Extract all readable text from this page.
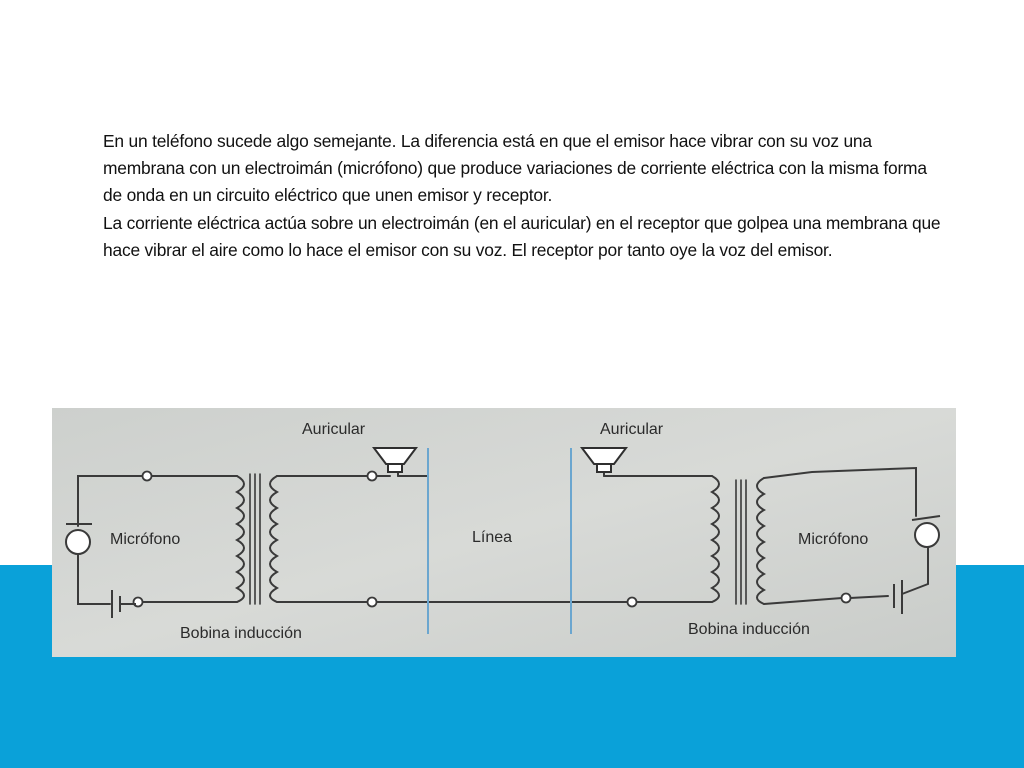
En un teléfono sucede algo semejante. La diferencia está en que el emisor hace vibrar con su voz una membrana con un electroimán (micrófono) que produce variaciones de corriente eléctrica con la misma forma de onda en un circuito eléctrico que unen emisor y receptor.

La corriente eléctrica actúa sobre un electroimán (en el auricular) en el receptor que golpea una membrana que hace vibrar el aire como lo hace el emisor con su voz. El receptor por tanto oye la voz del emisor.

Auricular	Auricular
Micrófono	Micrófono
Línea
Bobina inducción	Bobina inducción
